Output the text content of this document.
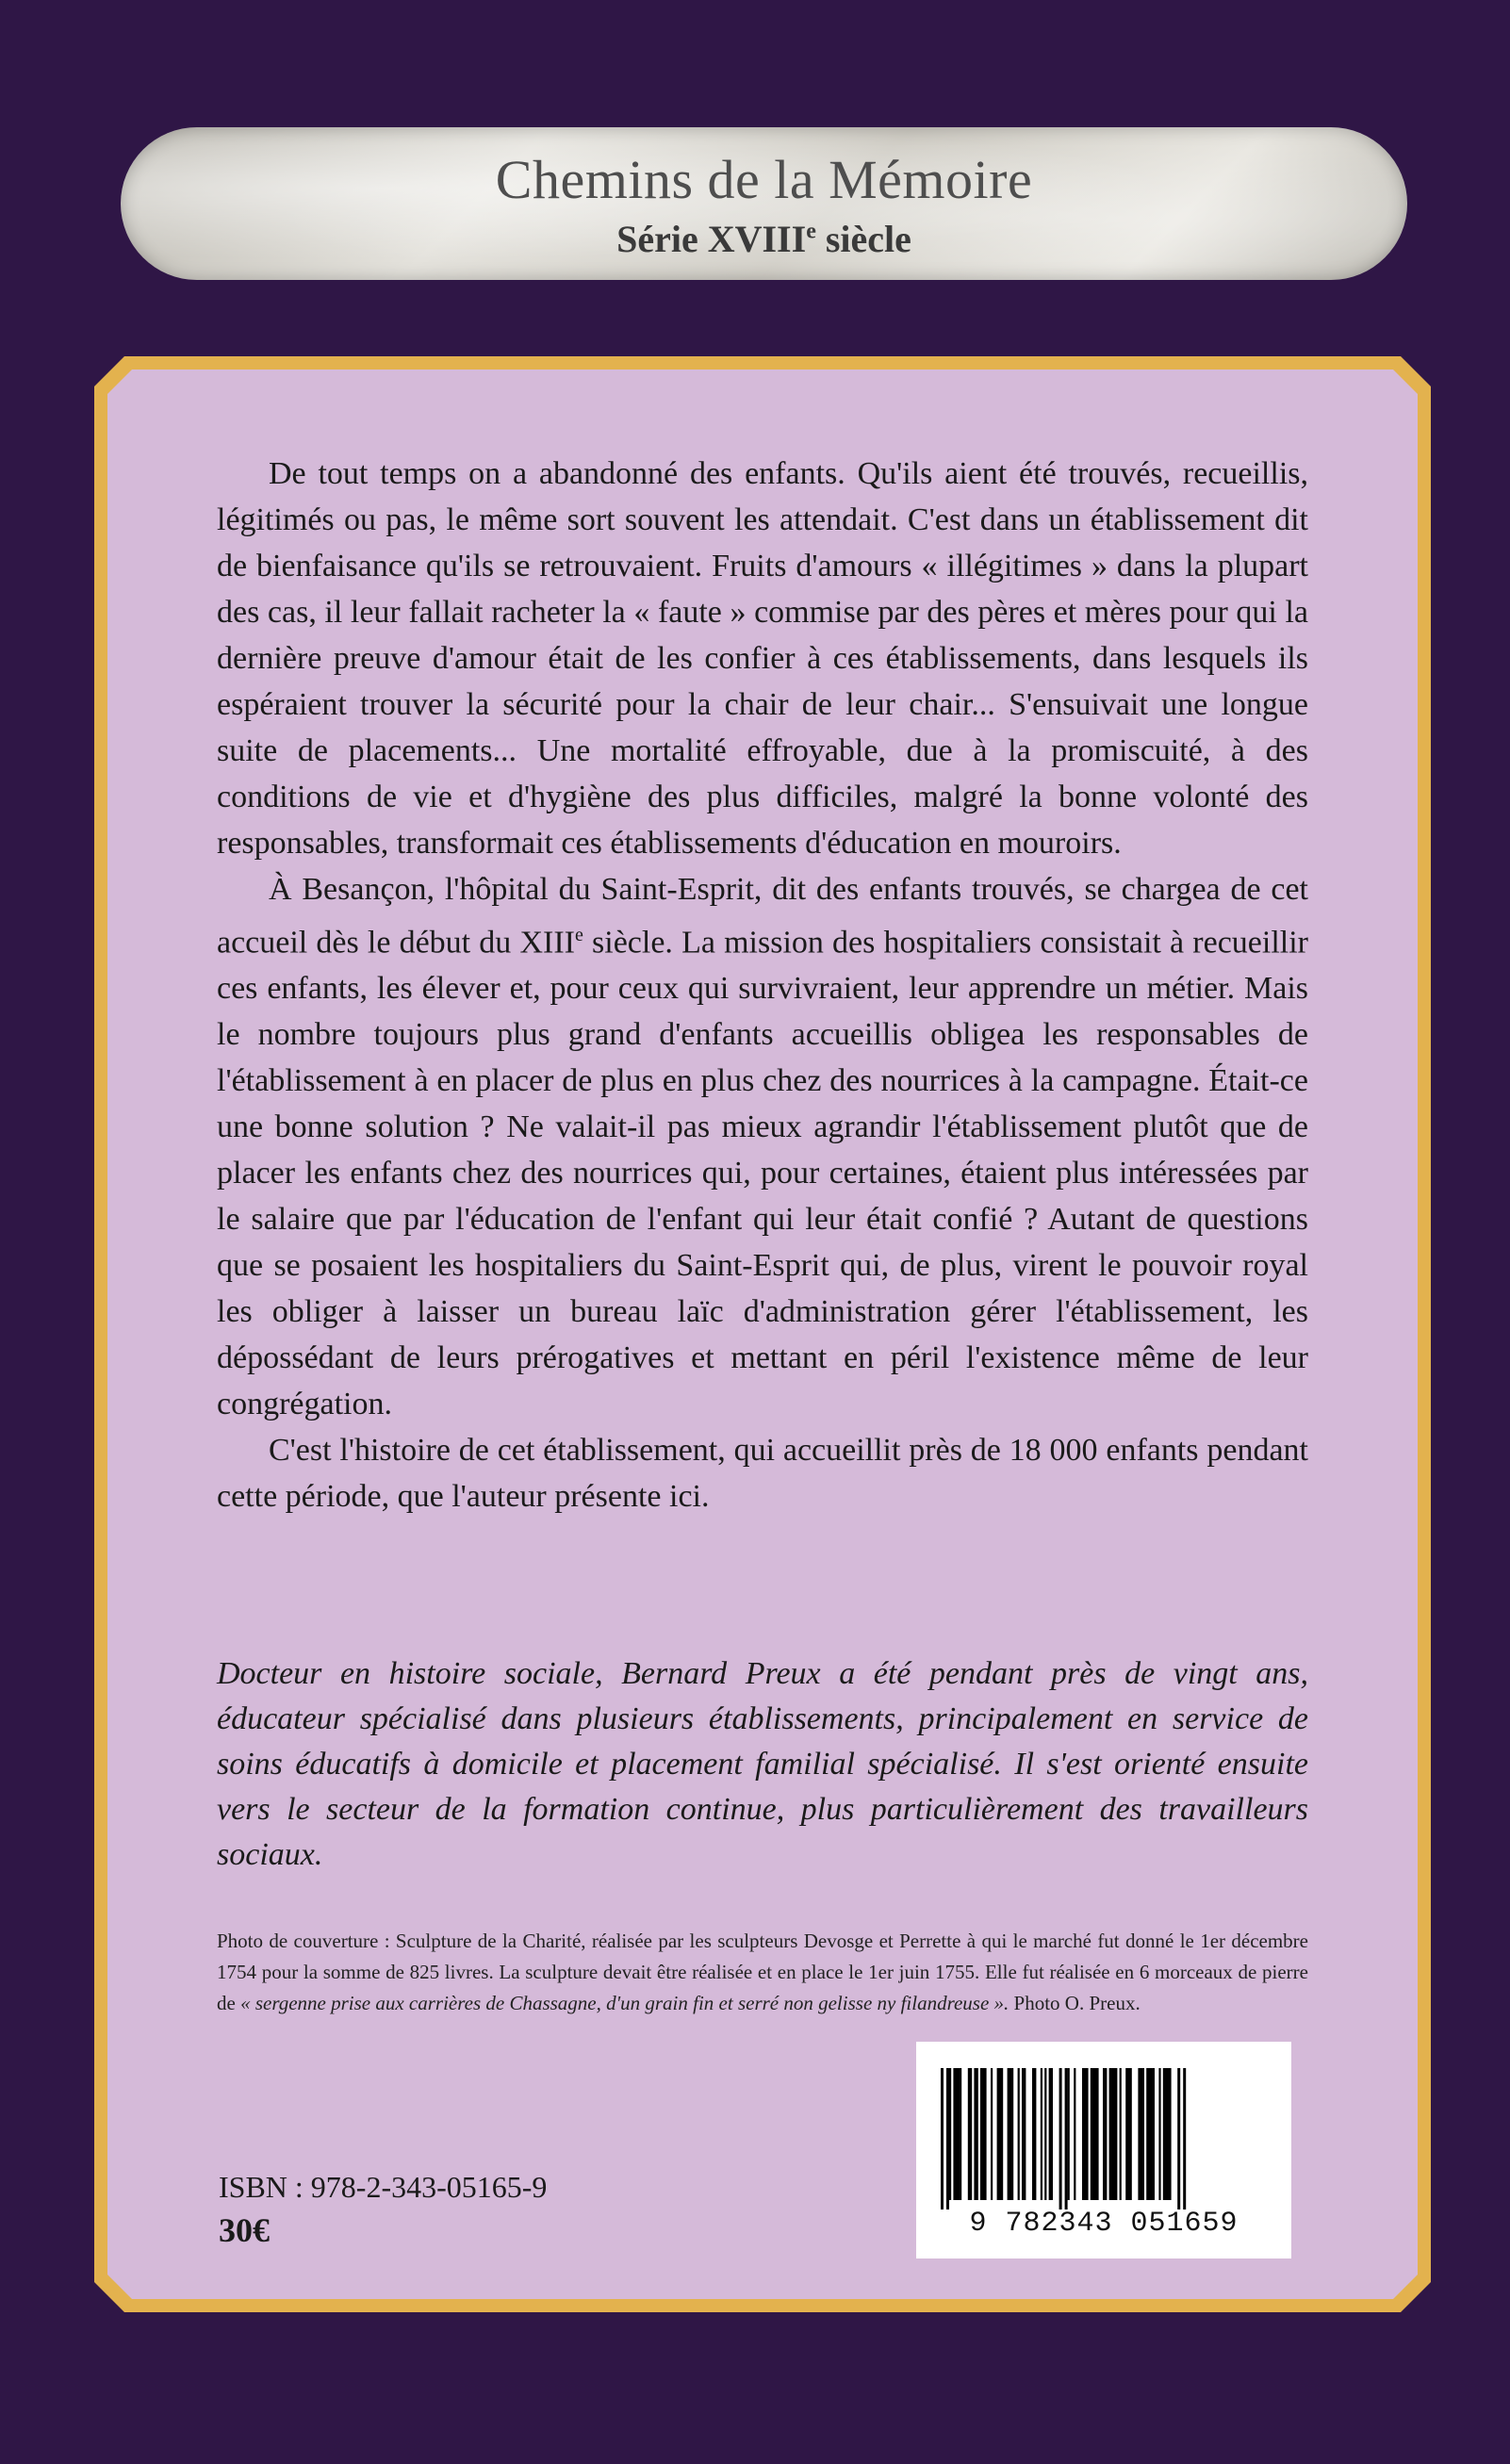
Chemins de la Mémoire
Série XVIIIe siècle

De tout temps on a abandonné des enfants. Qu'ils aient été trouvés, recueillis, légitimés ou pas, le même sort souvent les attendait. C'est dans un établissement dit de bienfaisance qu'ils se retrouvaient. Fruits d'amours « illégitimes » dans la plupart des cas, il leur fallait racheter la « faute » commise par des pères et mères pour qui la dernière preuve d'amour était de les confier à ces établissements, dans lesquels ils espéraient trouver la sécurité pour la chair de leur chair... S'ensuivait une longue suite de placements... Une mortalité effroyable, due à la promiscuité, à des conditions de vie et d'hygiène des plus difficiles, malgré la bonne volonté des responsables, transformait ces établissements d'éducation en mouroirs.

À Besançon, l'hôpital du Saint-Esprit, dit des enfants trouvés, se chargea de cet accueil dès le début du XIIIe siècle. La mission des hospitaliers consistait à recueillir ces enfants, les élever et, pour ceux qui survivraient, leur apprendre un métier. Mais le nombre toujours plus grand d'enfants accueillis obligea les responsables de l'établissement à en placer de plus en plus chez des nourrices à la campagne. Était-ce une bonne solution ? Ne valait-il pas mieux agrandir l'établissement plutôt que de placer les enfants chez des nourrices qui, pour certaines, étaient plus intéressées par le salaire que par l'éducation de l'enfant qui leur était confié ? Autant de questions que se posaient les hospitaliers du Saint-Esprit qui, de plus, virent le pouvoir royal les obliger à laisser un bureau laïc d'administration gérer l'établissement, les dépossédant de leurs prérogatives et mettant en péril l'existence même de leur congrégation.

C'est l'histoire de cet établissement, qui accueillit près de 18 000 enfants pendant cette période, que l'auteur présente ici.

Docteur en histoire sociale, Bernard Preux a été pendant près de vingt ans, éducateur spécialisé dans plusieurs établissements, principalement en service de soins éducatifs à domicile et placement familial spécialisé. Il s'est orienté ensuite vers le secteur de la formation continue, plus particulièrement des travailleurs sociaux.

Photo de couverture : Sculpture de la Charité, réalisée par les sculpteurs Devosge et Perrette à qui le marché fut donné le 1er décembre 1754 pour la somme de 825 livres. La sculpture devait être réalisée et en place le 1er juin 1755. Elle fut réalisée en 6 morceaux de pierre de « sergenne prise aux carrières de Chassagne, d'un grain fin et serré non gelisse ny filandreuse ». Photo O. Preux.

ISBN : 978-2-343-05165-9
30€	9 782343 051659
